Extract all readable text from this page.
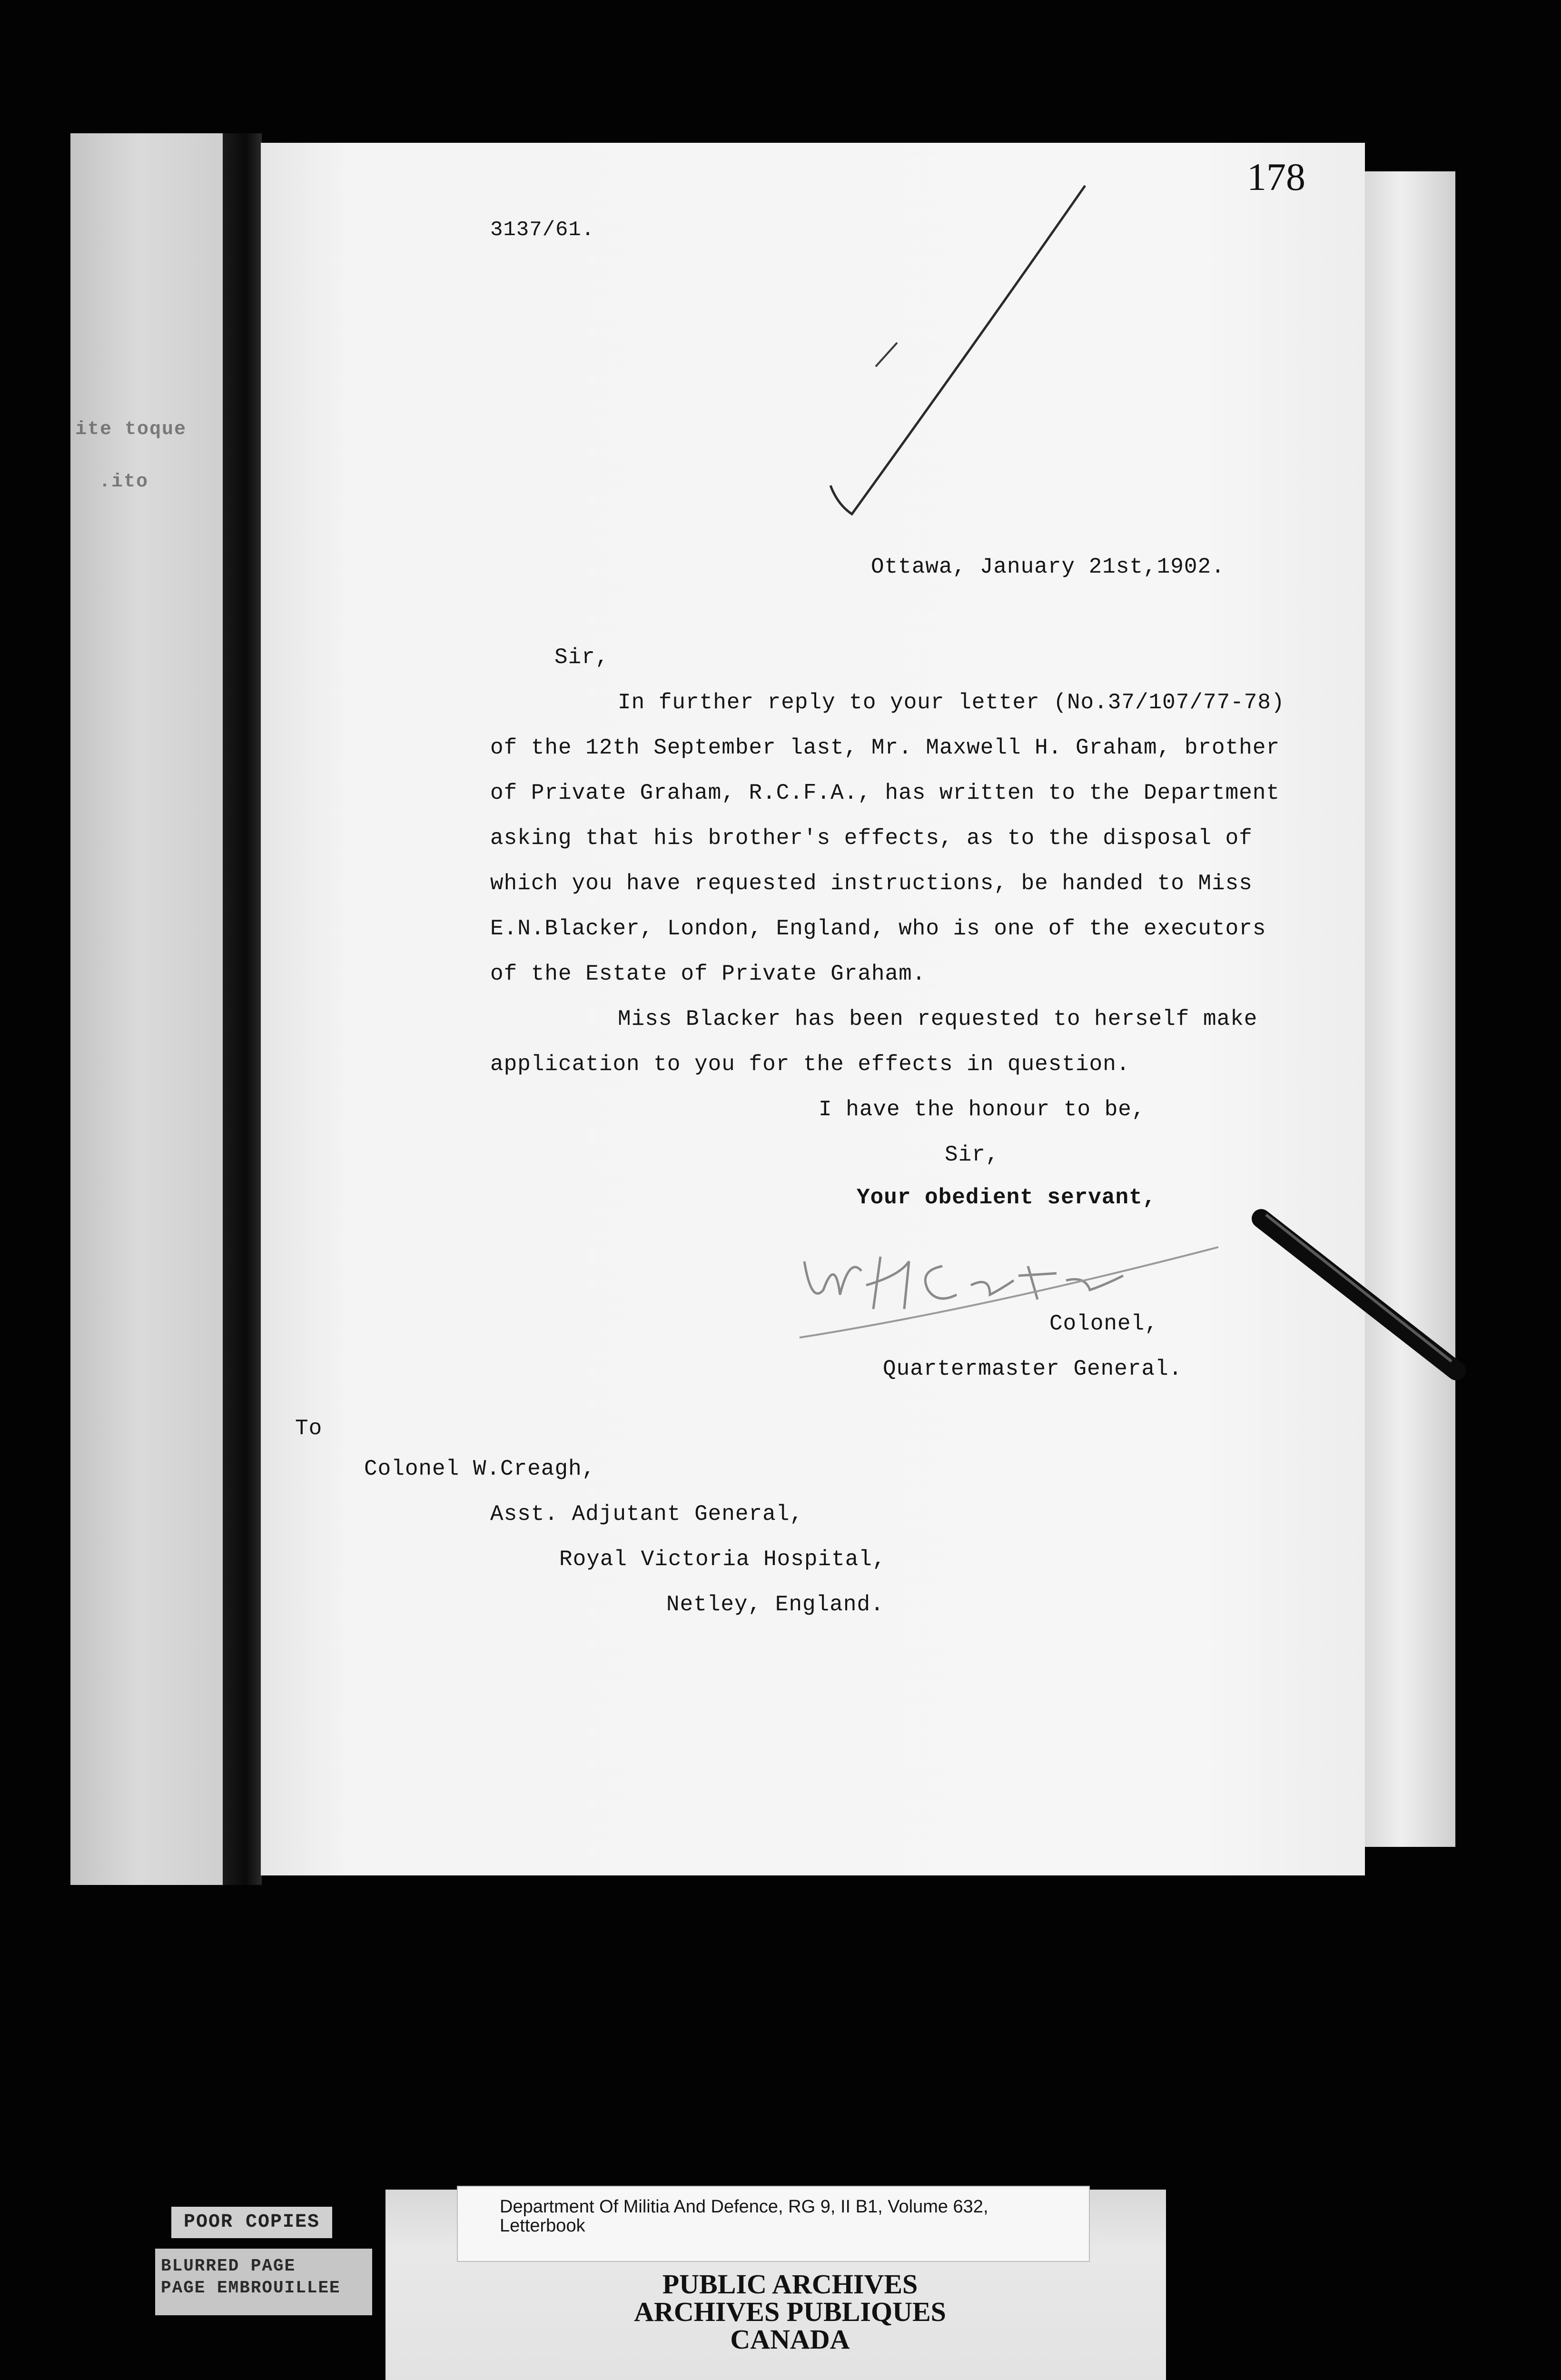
ite toque
.ito
178
3137/61.
Ottawa, January 21st,1902.
Sir,
In further reply to your letter (No.37/107/77-78)
of the 12th September last, Mr. Maxwell H. Graham, brother
of Private Graham, R.C.F.A., has written to the Department
asking that his brother's effects, as to the disposal of
which you have requested instructions, be handed to Miss
E.N.Blacker, London, England, who is one of the executors
of the Estate of Private Graham.
Miss Blacker has been requested to herself make
application to you for the effects in question.
I have the honour to be,
Sir,
Your obedient servant,
Colonel,
Quartermaster General.
To
Colonel W.Creagh,
Asst. Adjutant General,
Royal Victoria Hospital,
Netley, England.
POOR COPIES
BLURRED PAGE
PAGE EMBROUILLEE
Department Of Militia And Defence, RG 9, II B1, Volume 632,
Letterbook
PUBLIC ARCHIVES
ARCHIVES PUBLIQUES
CANADA
